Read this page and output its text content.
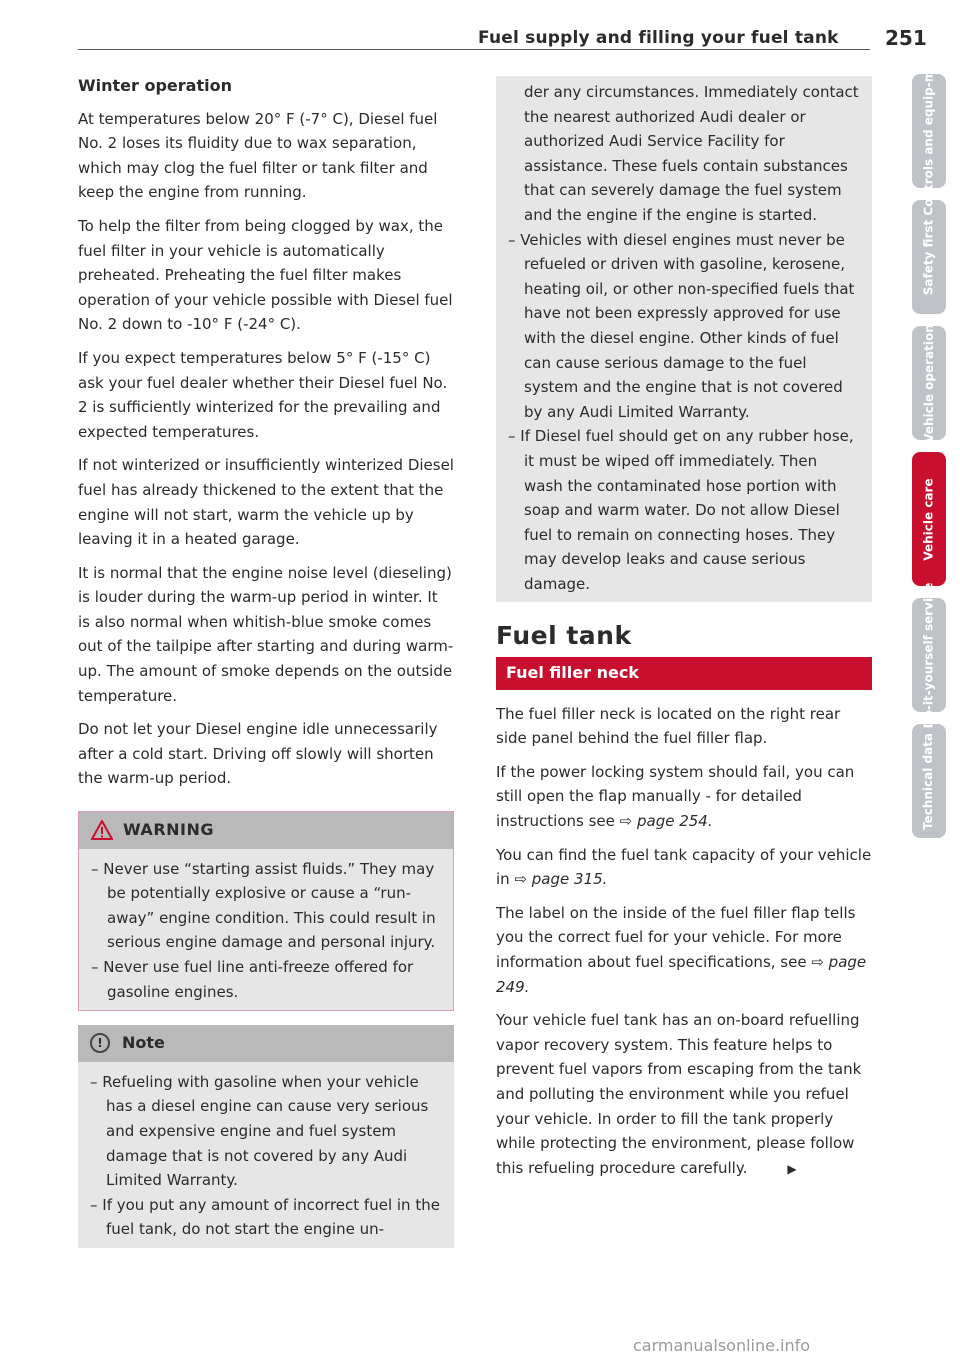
Fuel supply and filling your fuel tank 251
Winter operation

At temperatures below 20° F (-7° C), Diesel fuel No. 2 loses its fluidity due to wax separation, which may clog the fuel filter or tank filter and keep the engine from running.

To help the filter from being clogged by wax, the fuel filter in your vehicle is automatically preheated. Preheating the fuel filter makes operation of your vehicle possible with Diesel fuel No. 2 down to -10° F (-24° C).

If you expect temperatures below 5° F (-15° C) ask your fuel dealer whether their Diesel fuel No. 2 is sufficiently winterized for the prevailing and expected temperatures.

If not winterized or insufficiently winterized Diesel fuel has already thickened to the extent that the engine will not start, warm the vehicle up by leaving it in a heated garage.

It is normal that the engine noise level (dieseling) is louder during the warm-up period in winter. It is also normal when whitish-blue smoke comes out of the tailpipe after starting and during warm-up. The amount of smoke depends on the outside temperature.

Do not let your Diesel engine idle unnecessarily after a cold start. Driving off slowly will shorten the warm-up period.

WARNING

– Never use “starting assist fluids.” They may be potentially explosive or cause a “run-away” engine condition. This could result in serious engine damage and personal injury.

– Never use fuel line anti-freeze offered for gasoline engines.

!	Note

– Refueling with gasoline when your vehicle has a diesel engine can cause very serious and expensive engine and fuel system damage that is not covered by any Audi Limited Warranty.

– If you put any amount of incorrect fuel in the fuel tank, do not start the engine un-

der any circumstances. Immediately contact the nearest authorized Audi dealer or authorized Audi Service Facility for assistance. These fuels contain substances that can severely damage the fuel system and the engine if the engine is started.

– Vehicles with diesel engines must never be refueled or driven with gasoline, kerosene, heating oil, or other non-specified fuels that have not been expressly approved for use with the diesel engine. Other kinds of fuel can cause serious damage to the fuel system and the engine that is not covered by any Audi Limited Warranty.

– If Diesel fuel should get on any rubber hose, it must be wiped off immediately. Then wash the contaminated hose portion with soap and warm water. Do not allow Diesel fuel to remain on connecting hoses. They may develop leaks and cause serious damage.

Fuel tank
Fuel filler neck

The fuel filler neck is located on the right rear side panel behind the fuel filler flap.

If the power locking system should fail, you can still open the flap manually - for detailed instructions see ⇨ page 254.

You can find the fuel tank capacity of your vehicle in ⇨ page 315.

The label on the inside of the fuel filler flap tells you the correct fuel for your vehicle. For more information about fuel specifications, see ⇨ page 249.

Your vehicle fuel tank has an on-board refuelling vapor recovery system. This feature helps to prevent fuel vapors from escaping from the tank and polluting the environment while you refuel your vehicle. In order to fill the tank properly while protecting the environment, please follow this refueling procedure carefully.	▶

Controls and equip-ment
Safety first
Vehicle operation
Vehicle care
Do-it-yourself service
Technical data
carmanualsonline.info
